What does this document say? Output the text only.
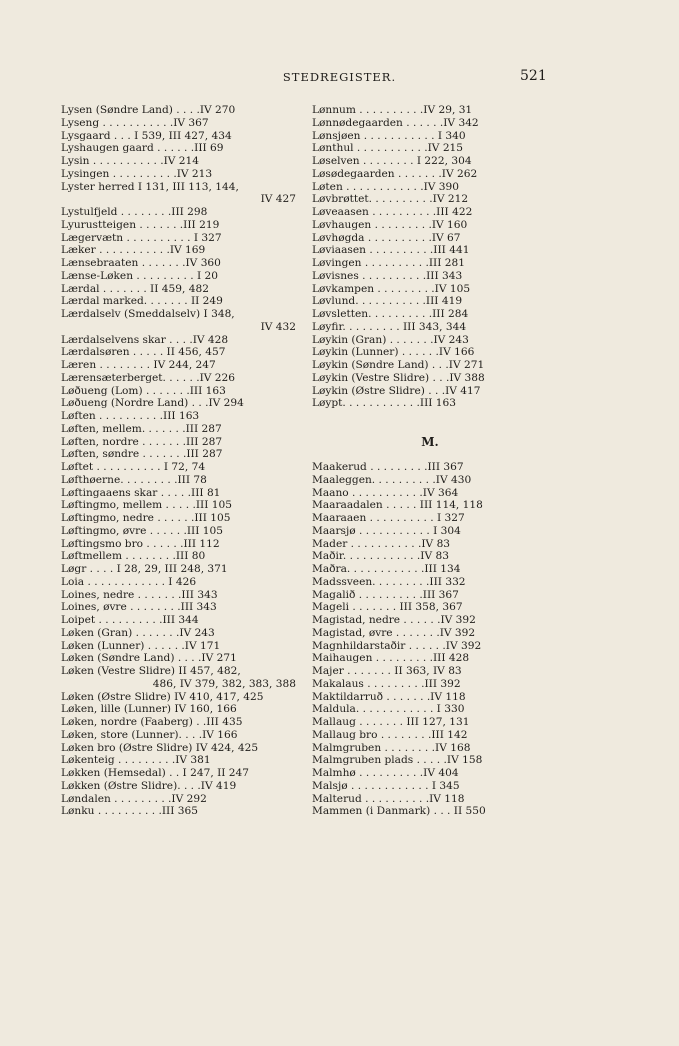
STEDREGISTER.	521
Lysen (Søndre Land) . . . .IV 270
Lyseng . . . . . . . . . . .IV 367
Lysgaard . . . I 539, III 427, 434
Lyshaugen gaard . . . . . .III 69
Lysin . . . . . . . . . . .IV 214
Lysingen . . . . . . . . . .IV 213
Lyster herred I 131, III 113, 144,
IV 427
Lystulfjeld . . . . . . . .III 298
Lyurustteigen . . . . . . .III 219
Lægervætn . . . . . . . . . . I 327
Læker . . . . . . . . . . .IV 169
Lænsebraaten . . . . . . .IV 360
Lænse-Løken . . . . . . . . . I 20
Lærdal . . . . . . . II 459, 482
Lærdal marked. . . . . . . II 249
Lærdalselv (Smeddalselv) I 348,
IV 432
Lærdalselvens skar . . . .IV 428
Lærdalsøren . . . . . II 456, 457
Læren . . . . . . . . IV 244, 247
Lærensæterberget. . . . . .IV 226
Løðueng (Lom) . . . . . . .III 163
Løðueng (Nordre Land) . . .IV 294
Løften . . . . . . . . . .III 163
Løften, mellem. . . . . . .III 287
Løften, nordre . . . . . . .III 287
Løften, søndre . . . . . . .III 287
Løftet . . . . . . . . . . I 72, 74
Løfthøerne. . . . . . . . .III 78
Løftingaaens skar . . . . .III 81
Løftingmo, mellem . . . . .III 105
Løftingmo, nedre . . . . . .III 105
Løftingmo, øvre . . . . . .III 105
Løftingsmo bro . . . . . .III 112
Løftmellem . . . . . . . .III 80
Løgr . . . . I 28, 29, III 248, 371
Loia . . . . . . . . . . . . I 426
Loines, nedre . . . . . . .III 343
Loines, øvre . . . . . . . .III 343
Loipet . . . . . . . . . .III 344
Løken (Gran) . . . . . . .IV 243
Løken (Lunner) . . . . . .IV 171
Løken (Søndre Land) . . . .IV 271
Løken (Vestre Slidre) II 457, 482,
486, IV 379, 382, 383, 388
Løken (Østre Slidre) IV 410, 417, 425
Løken, lille (Lunner) IV 160, 166
Løken, nordre (Faaberg) . .III 435
Løken, store (Lunner). . . .IV 166
Løken bro (Østre Slidre) IV 424, 425
Løkenteig . . . . . . . . .IV 381
Løkken (Hemsedal) . . I 247, II 247
Løkken (Østre Slidre). . . .IV 419
Løndalen . . . . . . . . .IV 292
Lønku . . . . . . . . . .III 365
Lønnum . . . . . . . . . .IV 29, 31
Lønnødegaarden . . . . . .IV 342
Lønsjøen . . . . . . . . . . . I 340
Lønthul . . . . . . . . . . .IV 215
Løselven . . . . . . . . I 222, 304
Løsødegaarden . . . . . . .IV 262
Løten . . . . . . . . . . . .IV 390
Løvbrøttet. . . . . . . . . .IV 212
Løveaasen . . . . . . . . . .III 422
Løvhaugen . . . . . . . . .IV 160
Løvhøgda . . . . . . . . . .IV 67
Løviaasen . . . . . . . . . .III 441
Løvingen . . . . . . . . . .III 281
Løvisnes . . . . . . . . . .III 343
Løvkampen . . . . . . . . .IV 105
Løvlund. . . . . . . . . . .III 419
Løvsletten. . . . . . . . . .III 284
Løyfir. . . . . . . . . III 343, 344
Løykin (Gran) . . . . . . .IV 243
Løykin (Lunner) . . . . . .IV 166
Løykin (Søndre Land) . . .IV 271
Løykin (Vestre Slidre) . . .IV 388
Løykin (Østre Slidre) . . .IV 417
Løypt. . . . . . . . . . . .III 163
M.
Maakerud . . . . . . . . .III 367
Maaleggen. . . . . . . . . .IV 430
Maano . . . . . . . . . . .IV 364
Maaraadalen . . . . . III 114, 118
Maaraaen . . . . . . . . . . I 327
Maarsjø . . . . . . . . . . . I 304
Mader . . . . . . . . . . .IV 83
Maðir. . . . . . . . . . . .IV 83
Maðra. . . . . . . . . . . .III 134
Madssveen. . . . . . . . .III 332
Magalið . . . . . . . . . .III 367
Mageli . . . . . . . III 358, 367
Magistad, nedre . . . . . .IV 392
Magistad, øvre . . . . . . .IV 392
Magnhildarstaðir . . . . . .IV 392
Maihaugen . . . . . . . . .III 428
Majer . . . . . . . II 363, IV 83
Makalaus . . . . . . . . .III 392
Maktildarruð . . . . . . .IV 118
Maldula. . . . . . . . . . . . I 330
Mallaug . . . . . . . III 127, 131
Mallaug bro . . . . . . . .III 142
Malmgruben . . . . . . . .IV 168
Malmgruben plads . . . . .IV 158
Malmhø . . . . . . . . . .IV 404
Malsjø . . . . . . . . . . . . I 345
Malterud . . . . . . . . . .IV 118
Mammen (i Danmark) . . . II 550
